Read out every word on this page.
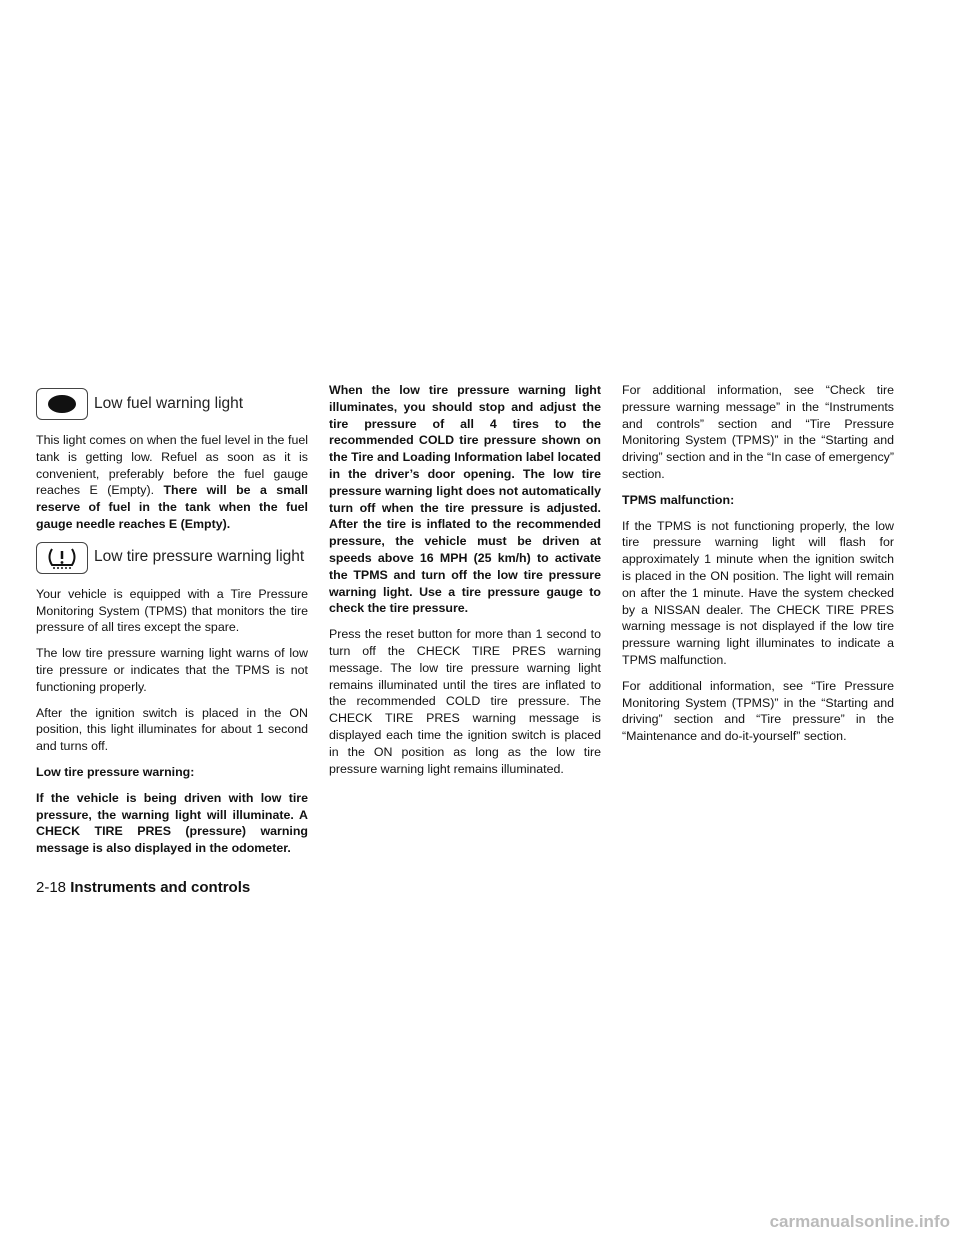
Low fuel warning light

This light comes on when the fuel level in the fuel tank is getting low. Refuel as soon as it is convenient, preferably before the fuel gauge reaches E (Empty). There will be a small reserve of fuel in the tank when the fuel gauge needle reaches E (Empty).

Low tire pressure warning light

Your vehicle is equipped with a Tire Pressure Monitoring System (TPMS) that monitors the tire pressure of all tires except the spare.

The low tire pressure warning light warns of low tire pressure or indicates that the TPMS is not functioning properly.

After the ignition switch is placed in the ON position, this light illuminates for about 1 second and turns off.

Low tire pressure warning:

If the vehicle is being driven with low tire pressure, the warning light will illuminate. A CHECK TIRE PRES (pressure) warning message is also displayed in the odometer.

When the low tire pressure warning light illuminates, you should stop and adjust the tire pressure of all 4 tires to the recommended COLD tire pressure shown on the Tire and Loading Information label located in the driver’s door opening. The low tire pressure warning light does not automatically turn off when the tire pressure is adjusted. After the tire is inflated to the recommended pressure, the vehicle must be driven at speeds above 16 MPH (25 km/h) to activate the TPMS and turn off the low tire pressure warning light. Use a tire pressure gauge to check the tire pressure.

Press the reset button for more than 1 second to turn off the CHECK TIRE PRES warning message. The low tire pressure warning light remains illuminated until the tires are inflated to the recommended COLD tire pressure. The CHECK TIRE PRES warning message is displayed each time the ignition switch is placed in the ON position as long as the low tire pressure warning light remains illuminated.

For additional information, see “Check tire pressure warning message” in the “Instruments and controls” section and “Tire Pressure Monitoring System (TPMS)” in the “Starting and driving” section and in the “In case of emergency” section.

TPMS malfunction:

If the TPMS is not functioning properly, the low tire pressure warning light will flash for approximately 1 minute when the ignition switch is placed in the ON position. The light will remain on after the 1 minute. Have the system checked by a NISSAN dealer. The CHECK TIRE PRES warning message is not displayed if the low tire pressure warning light illuminates to indicate a TPMS malfunction.

For additional information, see “Tire Pressure Monitoring System (TPMS)” in the “Starting and driving” section and “Tire pressure” in the “Maintenance and do-it-yourself” section.

2-18 Instruments and controls
carmanualsonline.info
